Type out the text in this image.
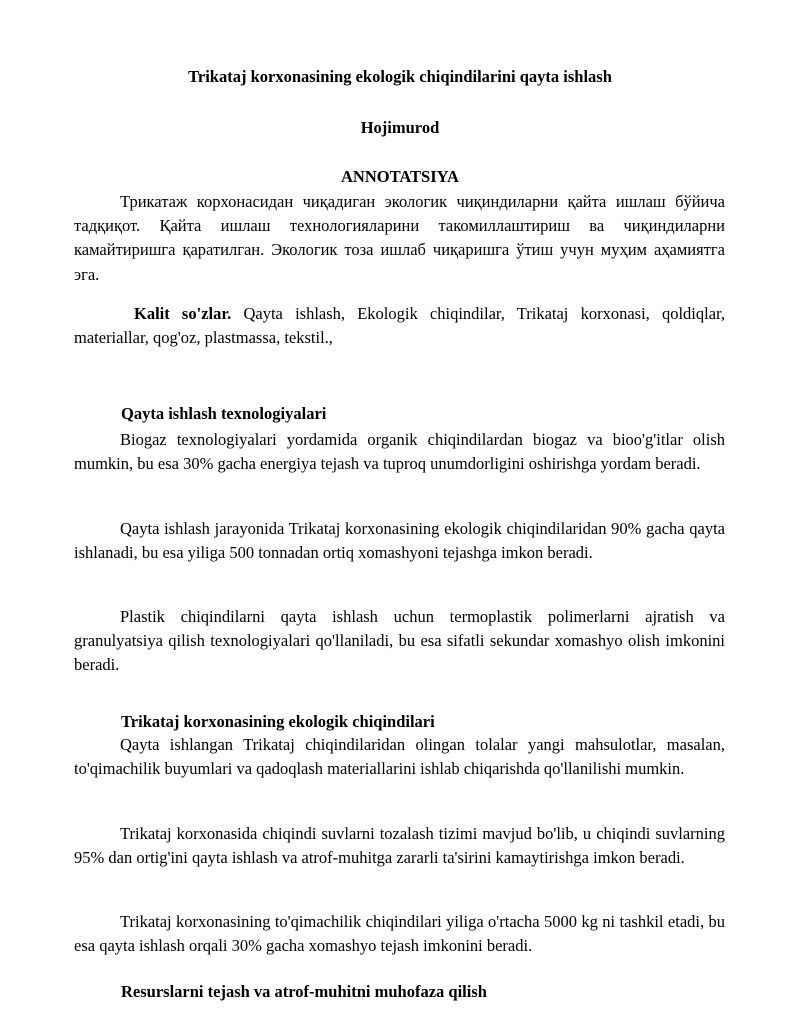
Trikataj korxonasining ekologik chiqindilarini qayta ishlash
Hojimurod
ANNOTATSIYA

Трикатаж корхонасидан чиқадиган экологик чиқиндиларни қайта ишлаш бўйича тадқиқот. Қайта ишлаш технологияларини такомиллаштириш ва чиқиндиларни камайтиришга қаратилган. Экологик тоза ишлаб чиқаришга ўтиш учун муҳим аҳамиятга эга.

Kalit so'zlar. Qayta ishlash, Ekologik chiqindilar, Trikataj korxonasi, qoldiqlar, materiallar, qog'oz, plastmassa, tekstil.,

Qayta ishlash texnologiyalari

Biogaz texnologiyalari yordamida organik chiqindilardan biogaz va bioo'g'itlar olish mumkin, bu esa 30% gacha energiya tejash va tuproq unumdorligini oshirishga yordam beradi.

Qayta ishlash jarayonida Trikataj korxonasining ekologik chiqindilaridan 90% gacha qayta ishlanadi, bu esa yiliga 500 tonnadan ortiq xomashyoni tejashga imkon beradi.

Plastik chiqindilarni qayta ishlash uchun termoplastik polimerlarni ajratish va granulyatsiya qilish texnologiyalari qo'llaniladi, bu esa sifatli sekundar xomashyo olish imkonini beradi.

Trikataj korxonasining ekologik chiqindilari

Qayta ishlangan Trikataj chiqindilaridan olingan tolalar yangi mahsulotlar, masalan, to'qimachilik buyumlari va qadoqlash materiallarini ishlab chiqarishda qo'llanilishi mumkin.

Trikataj korxonasida chiqindi suvlarni tozalash tizimi mavjud bo'lib, u chiqindi suvlarning 95% dan ortig'ini qayta ishlash va atrof-muhitga zararli ta'sirini kamaytirishga imkon beradi.

Trikataj korxonasining to'qimachilik chiqindilari yiliga o'rtacha 5000 kg ni tashkil etadi, bu esa qayta ishlash orqali 30% gacha xomashyo tejash imkonini beradi.

Resurslarni tejash va atrof-muhitni muhofaza qilish
